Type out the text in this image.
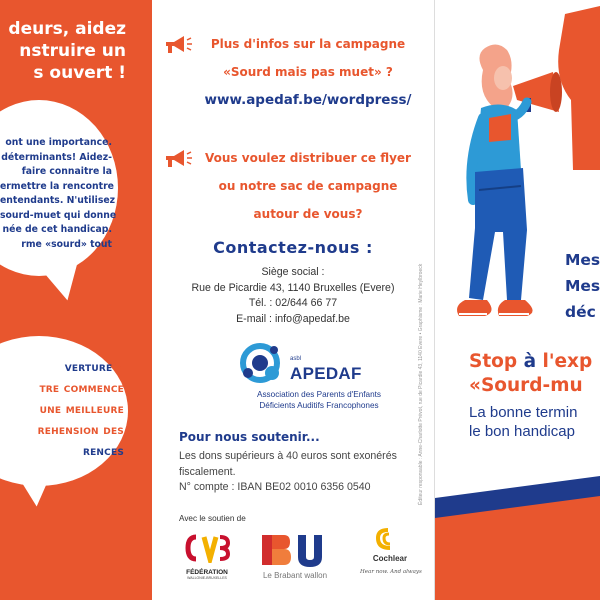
deurs, aidez
nstruire un
s ouvert !
ont une importance.
déterminants! Aidez-
faire connaitre la
ermettre la rencontre
entendants. N'utilisez
sourd-muet qui donne
née de cet handicap.
rme «sourd» tout
verture a
tre commence
une meilleure
rehension des
rences
Plus d'infos sur la campagne
«Sourd mais pas muet» ?
www.apedaf.be/wordpress/
Vous voulez distribuer ce flyer
ou notre sac de campagne
autour de vous?
Contactez-nous :
Siège social :
Rue de Picardie 43, 1140 Bruxelles (Evere)
Tél. : 02/644 66 77
E-mail : info@apedaf.be
asbl
APEDAF
Association des Parents d'Enfants
Déficients Auditifs Francophones
Pour nous soutenir...
Les dons supérieurs à 40 euros sont exonérés
fiscalement.
N° compte : IBAN BE02 0010 6356 0540
Avec le soutien de
FÉDÉRATION
WALLONIE-BRUXELLES	Le Brabant wallon
Cochlear
Hear now. And always
Éditeur responsable : Anne-Charlotte Prévot, rue de Picardie 43, 1140 Evere • Graphisme : Marie Heylbroeck
Mes
Mes
déc
Stop à l'exp
«Sourd-mu
La bonne termin
le bon handicap
